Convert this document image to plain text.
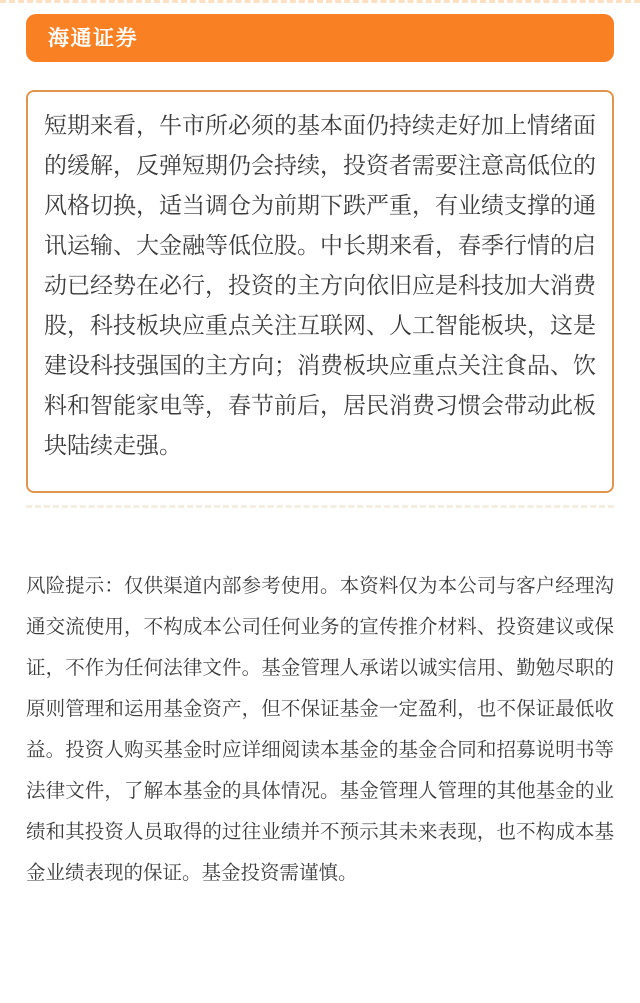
海通证券

短期来看，牛市所必须的基本面仍持续走好加上情绪面的缓解，反弹短期仍会持续，投资者需要注意高低位的风格切换，适当调仓为前期下跌严重，有业绩支撑的通讯运输、大金融等低位股。中长期来看，春季行情的启动已经势在必行，投资的主方向依旧应是科技加大消费股，科技板块应重点关注互联网、人工智能板块，这是建设科技强国的主方向；消费板块应重点关注食品、饮料和智能家电等，春节前后，居民消费习惯会带动此板块陆续走强。

风险提示：仅供渠道内部参考使用。本资料仅为本公司与客户经理沟通交流使用，不构成本公司任何业务的宣传推介材料、投资建议或保证，不作为任何法律文件。基金管理人承诺以诚实信用、勤勉尽职的原则管理和运用基金资产，但不保证基金一定盈利，也不保证最低收益。投资人购买基金时应详细阅读本基金的基金合同和招募说明书等法律文件，了解本基金的具体情况。基金管理人管理的其他基金的业绩和其投资人员取得的过往业绩并不预示其未来表现，也不构成本基金业绩表现的保证。基金投资需谨慎。
